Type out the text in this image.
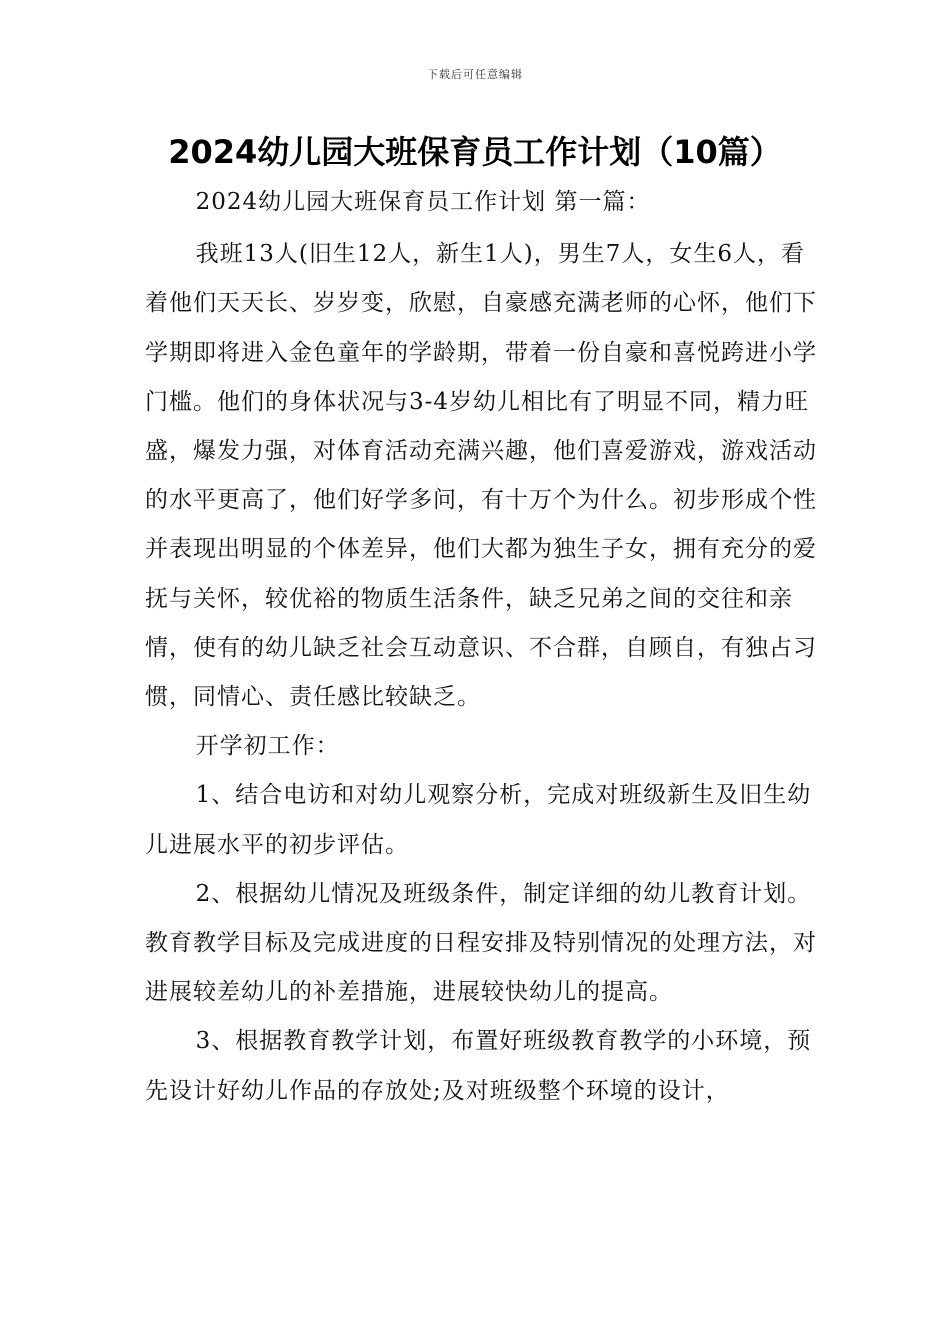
下载后可任意编辑
2024幼儿园大班保育员工作计划（10篇）

2024幼儿园大班保育员工作计划 第一篇：

我班13人(旧生12人，新生1人)，男生7人，女生6人，看着他们天天长、岁岁变，欣慰，自豪感充满老师的心怀，他们下学期即将进入金色童年的学龄期，带着一份自豪和喜悦跨进小学门槛。他们的身体状况与3-4岁幼儿相比有了明显不同，精力旺盛，爆发力强，对体育活动充满兴趣，他们喜爱游戏，游戏活动的水平更高了，他们好学多问，有十万个为什么。初步形成个性并表现出明显的个体差异，他们大都为独生子女，拥有充分的爱抚与关怀，较优裕的物质生活条件，缺乏兄弟之间的交往和亲情，使有的幼儿缺乏社会互动意识、不合群，自顾自，有独占习惯，同情心、责任感比较缺乏。

开学初工作：

1、结合电访和对幼儿观察分析，完成对班级新生及旧生幼儿进展水平的初步评估。

2、根据幼儿情况及班级条件，制定详细的幼儿教育计划。教育教学目标及完成进度的日程安排及特别情况的处理方法，对进展较差幼儿的补差措施，进展较快幼儿的提高。

3、根据教育教学计划，布置好班级教育教学的小环境，预先设计好幼儿作品的存放处;及对班级整个环境的设计，
